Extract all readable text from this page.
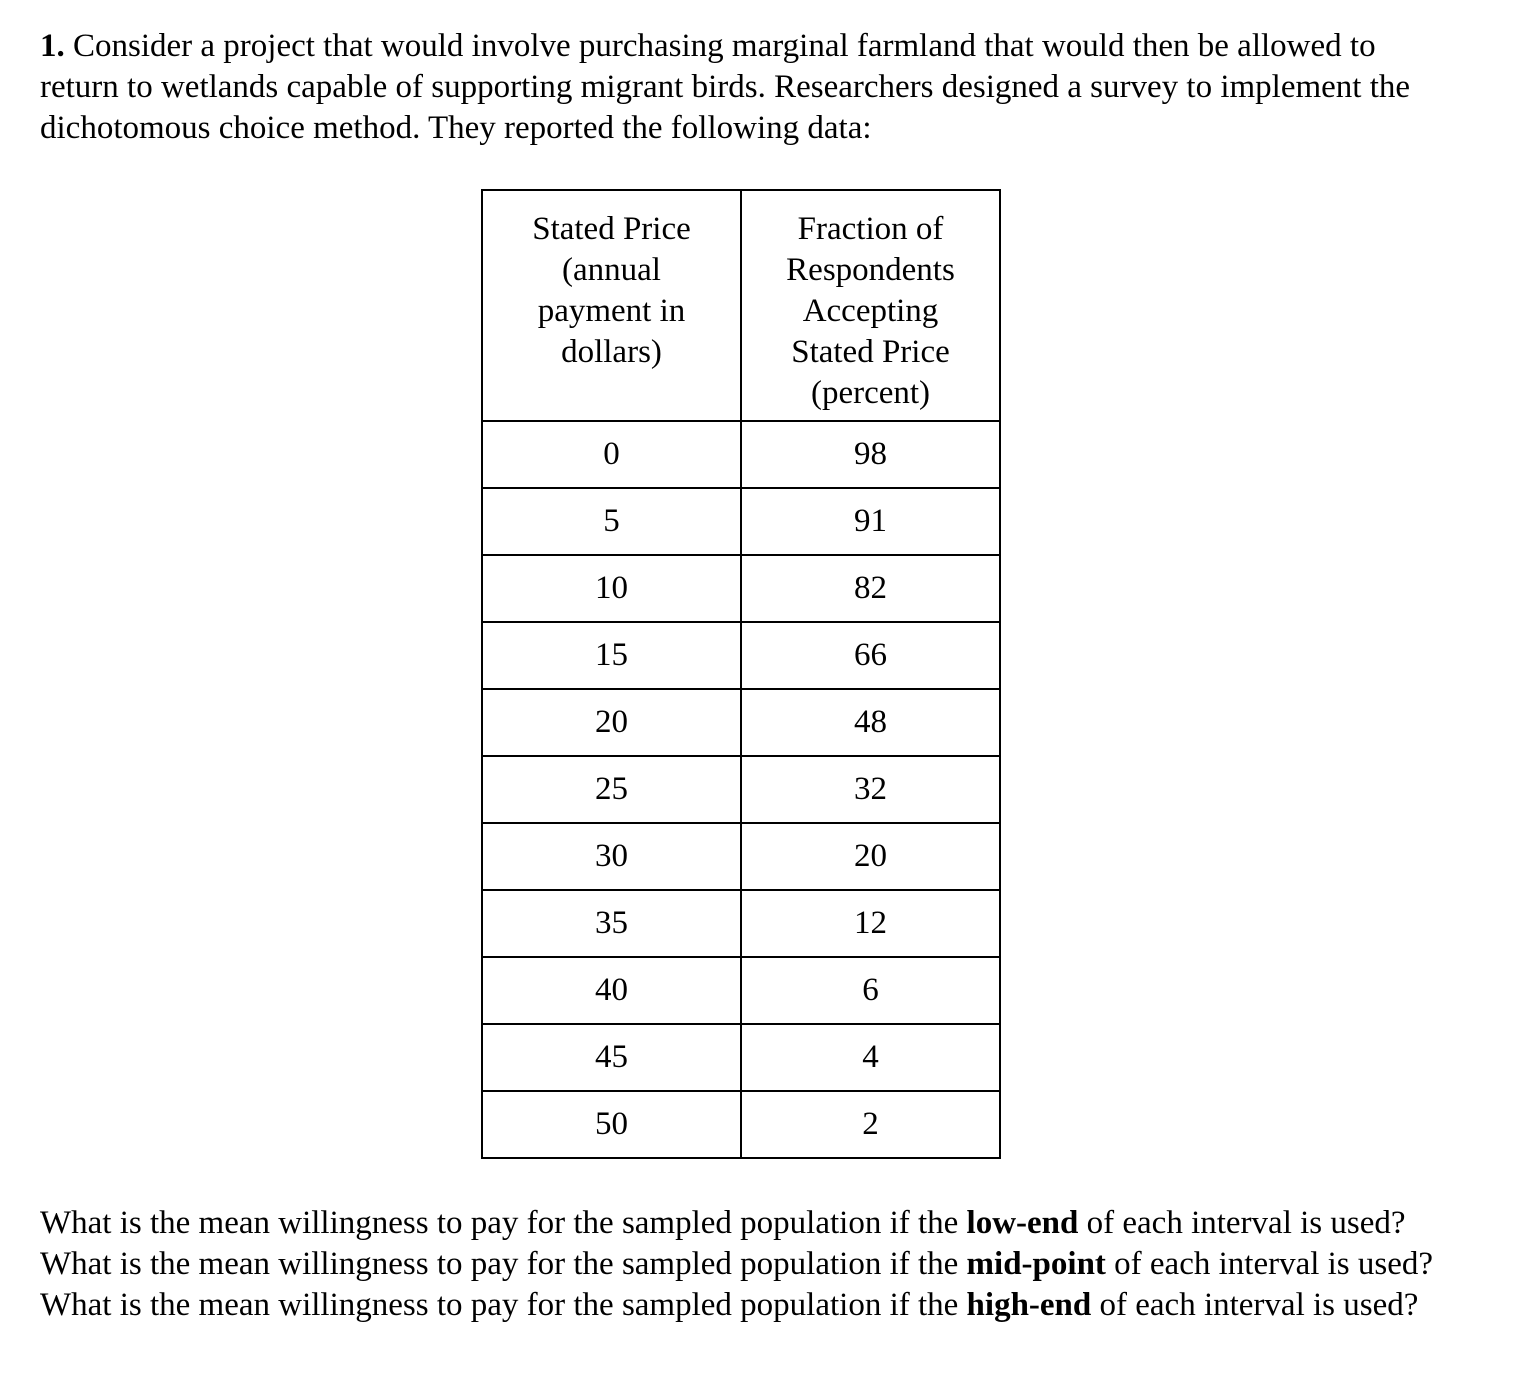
1. Consider a project that would involve purchasing marginal farmland that would then be allowed to return to wetlands capable of supporting migrant birds. Researchers designed a survey to implement the dichotomous choice method. They reported the following data:

Stated Price
(annual
payment in
dollars)	Fraction of
Respondents
Accepting
Stated Price
(percent)

0	98
5	91
10	82
15	66
20	48
25	32
30	20
35	12
40	6
45	4
50	2

What is the mean willingness to pay for the sampled population if the low-end of each interval is used? What is the mean willingness to pay for the sampled population if the mid-point of each interval is used? What is the mean willingness to pay for the sampled population if the high-end of each interval is used?
